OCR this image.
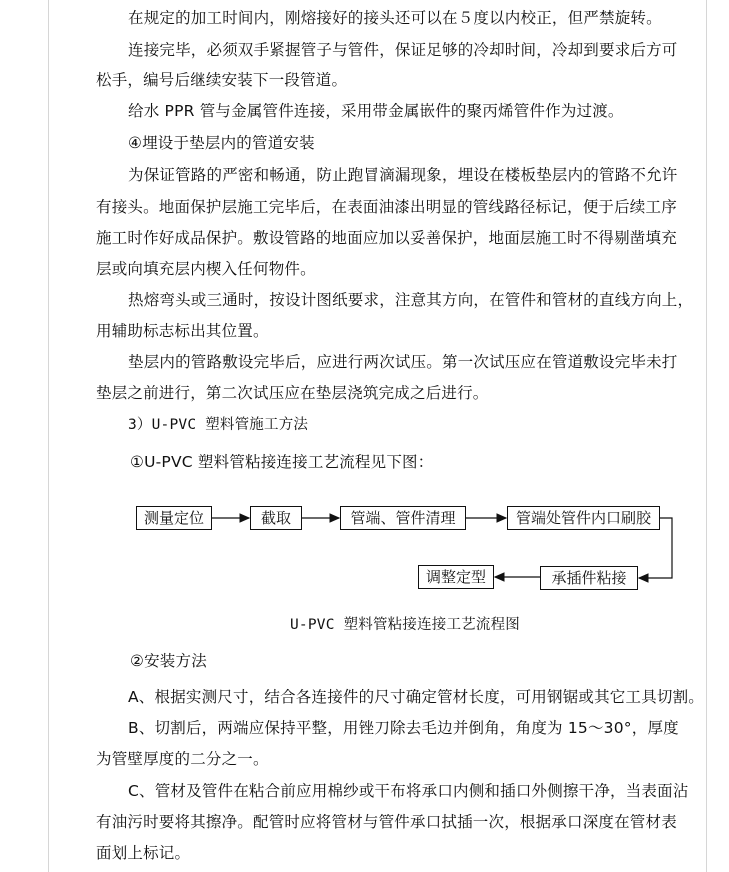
在规定的加工时间内，刚熔接好的接头还可以在５度以内校正，但严禁旋转。
连接完毕，必须双手紧握管子与管件，保证足够的冷却时间，冷却到要求后方可
松手，编号后继续安装下一段管道。
给水 PPR 管与金属管件连接，采用带金属嵌件的聚丙烯管件作为过渡。
④埋设于垫层内的管道安装
为保证管路的严密和畅通，防止跑冒滴漏现象，埋设在楼板垫层内的管路不允许
有接头。地面保护层施工完毕后，在表面油漆出明显的管线路径标记，便于后续工序
施工时作好成品保护。敷设管路的地面应加以妥善保护，地面层施工时不得剔凿填充
层或向填充层内楔入任何物件。
热熔弯头或三通时，按设计图纸要求，注意其方向，在管件和管材的直线方向上，
用辅助标志标出其位置。
垫层内的管路敷设完毕后，应进行两次试压。第一次试压应在管道敷设完毕未打
垫层之前进行，第二次试压应在垫层浇筑完成之后进行。
3）U-PVC 塑料管施工方法
①U-PVC 塑料管粘接连接工艺流程见下图：
测量定位	截取	管端、管件清理	管端处管件内口刷胶
承插件粘接
调整定型
U-PVC 塑料管粘接连接工艺流程图
②安装方法
A、根据实测尺寸，结合各连接件的尺寸确定管材长度，可用钢锯或其它工具切割。
B、切割后，两端应保持平整，用锉刀除去毛边并倒角，角度为 15～30°，厚度
为管壁厚度的二分之一。
C、管材及管件在粘合前应用棉纱或干布将承口内侧和插口外侧擦干净，当表面沾
有油污时要将其擦净。配管时应将管材与管件承口拭插一次，根据承口深度在管材表
面划上标记。
